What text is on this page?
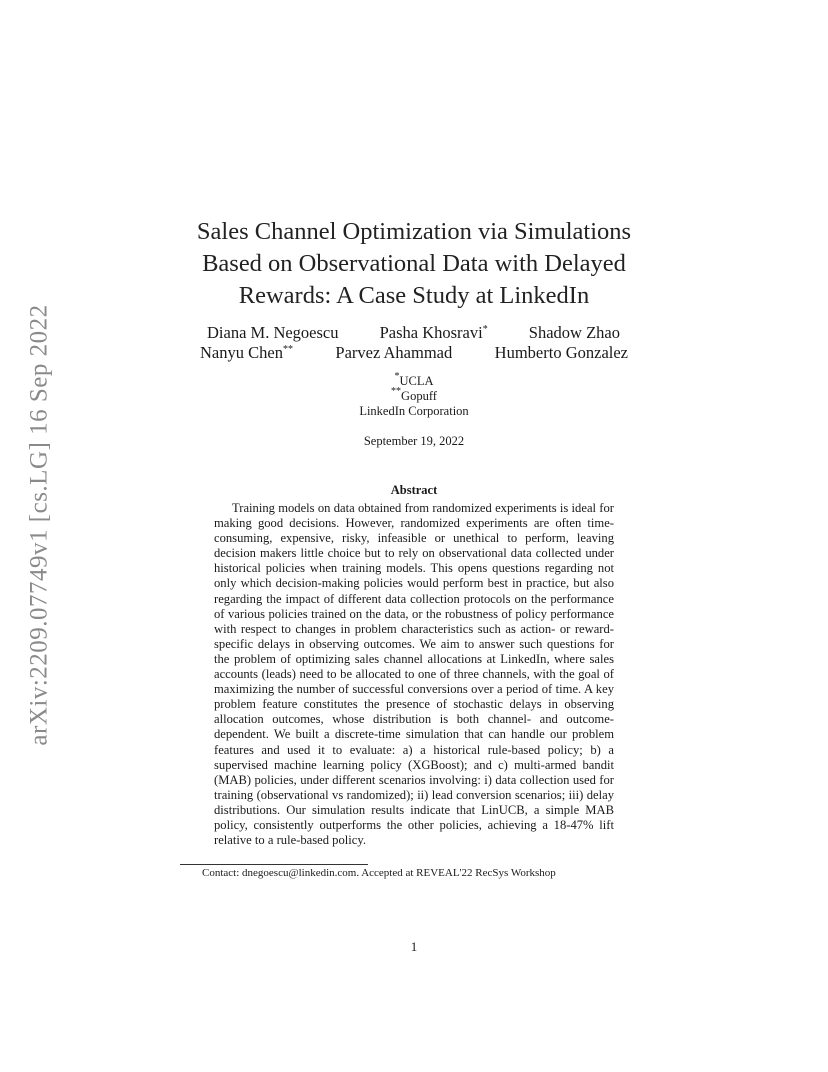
arXiv:2209.07749v1 [cs.LG] 16 Sep 2022
Sales Channel Optimization via Simulations
Based on Observational Data with Delayed
Rewards: A Case Study at LinkedIn
Diana M. Negoescu Pasha Khosravi* Shadow Zhao
Nanyu Chen**	Parvez Ahammad	Humberto Gonzalez
*UCLA
**Gopuff
LinkedIn Corporation
September 19, 2022
Abstract
Training models on data obtained from randomized experiments is ideal for making good decisions. However, randomized experiments are often time-consuming, expensive, risky, infeasible or unethical to perform, leaving decision makers little choice but to rely on observational data collected under historical policies when training models. This opens questions regarding not only which decision-making policies would perform best in practice, but also regarding the impact of different data collection protocols on the performance of various policies trained on the data, or the robustness of policy performance with respect to changes in problem characteristics such as action- or reward- specific delays in observing outcomes. We aim to answer such questions for the problem of optimizing sales channel allocations at LinkedIn, where sales accounts (leads) need to be allocated to one of three channels, with the goal of maximizing the number of successful conversions over a period of time. A key problem feature constitutes the presence of stochastic delays in observing allocation outcomes, whose distribution is both channel- and outcome- dependent. We built a discrete-time simulation that can handle our problem features and used it to evaluate: a) a historical rule-based policy; b) a supervised machine learning policy (XGBoost); and c) multi-armed bandit (MAB) policies, under different scenarios involving: i) data collection used for training (observational vs randomized); ii) lead conversion scenarios; iii) delay distributions. Our simulation results indicate that LinUCB, a simple MAB policy, consistently outperforms the other policies, achieving a 18-47% lift relative to a rule-based policy.
Contact: dnegoescu@linkedin.com. Accepted at REVEAL'22 RecSys Workshop
1
